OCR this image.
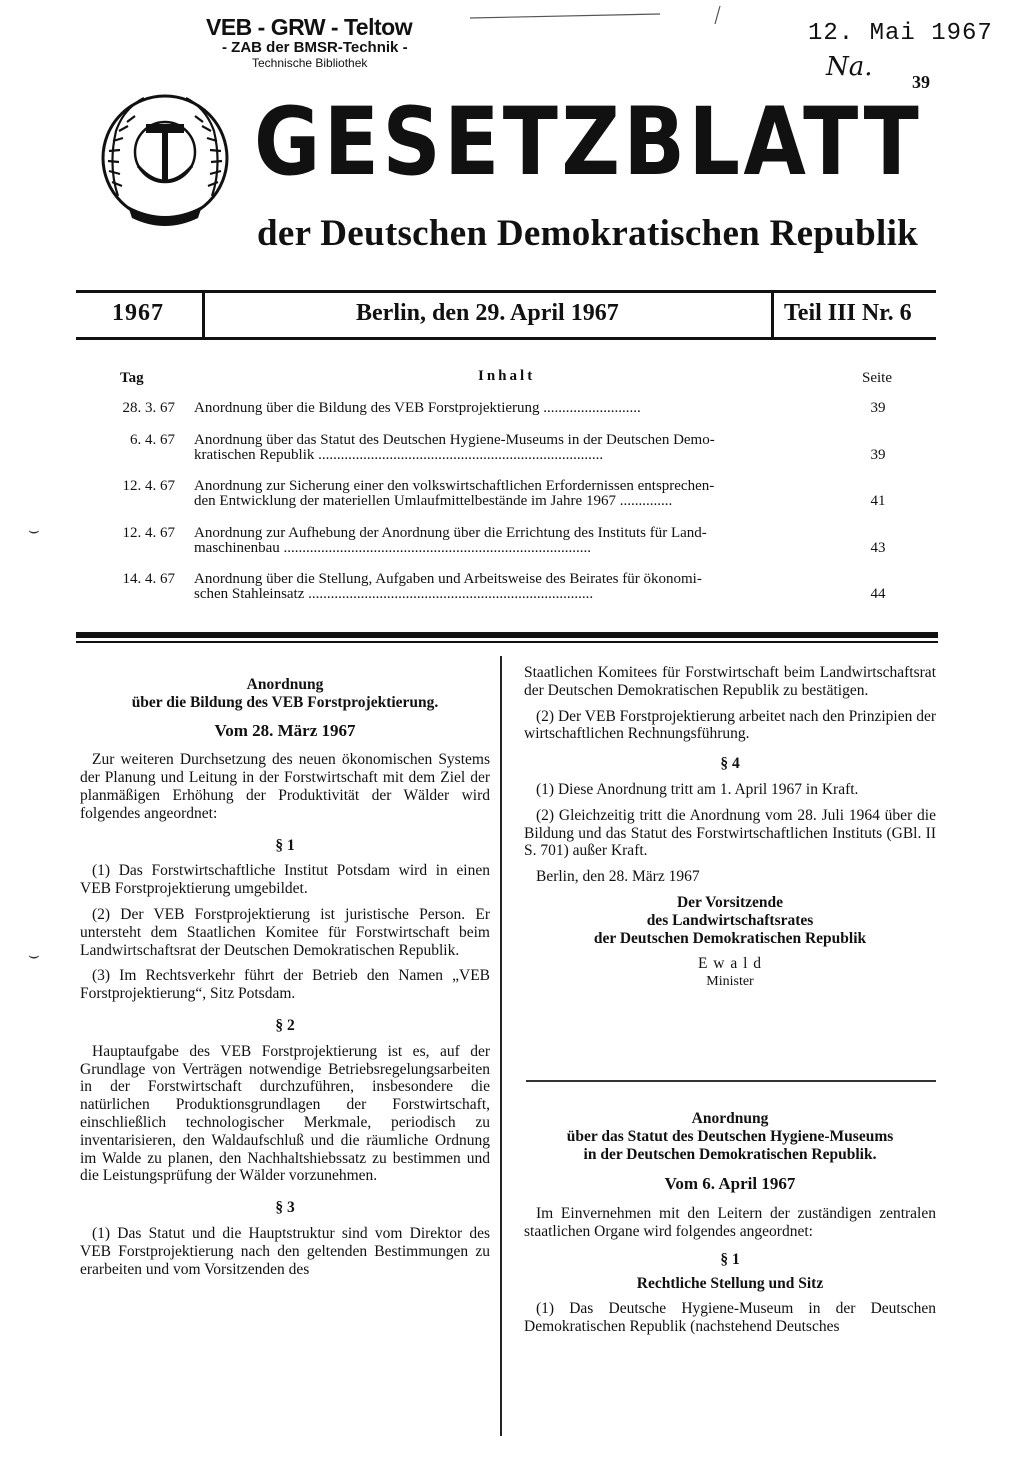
VEB - GRW - Teltow
- ZAB der BMSR-Technik -
Technische Bibliothek
12. Mai 1967
Na. 39
GESETZBLATT
der Deutschen Demokratischen Republik
1967	Berlin, den 29. April 1967	Teil III Nr. 6
Tag	Inhalt	Seite
28. 3. 67 Anordnung über die Bildung des VEB Forstprojektierung ..........................	39
6. 4. 67 Anordnung über das Statut des Deutschen Hygiene-Museums in der Deutschen Demo-
kratischen Republik ............................................................................	39
12. 4. 67 Anordnung zur Sicherung einer den volkswirtschaftlichen Erfordernissen entsprechen-
den Entwicklung der materiellen Umlaufmittelbestände im Jahre 1967 ..............	41
12. 4. 67 Anordnung zur Aufhebung der Anordnung über die Errichtung des Instituts für Land-
maschinenbau ..................................................................................	43
14. 4. 67 Anordnung über die Stellung, Aufgaben und Arbeitsweise des Beirates für ökonomi-
schen Stahleinsatz ............................................................................	44
⌣
⌣
Anordnung
über die Bildung des VEB Forstprojektierung.
Vom 28. März 1967

Zur weiteren Durchsetzung des neuen ökonomischen Systems der Planung und Leitung in der Forstwirtschaft mit dem Ziel der planmäßigen Erhöhung der Produktivität der Wälder wird folgendes angeordnet:

§ 1

(1) Das Forstwirtschaftliche Institut Potsdam wird in einen VEB Forstprojektierung umgebildet.

(2) Der VEB Forstprojektierung ist juristische Person. Er untersteht dem Staatlichen Komitee für Forstwirtschaft beim Landwirtschaftsrat der Deutschen Demokratischen Republik.

(3) Im Rechtsverkehr führt der Betrieb den Namen „VEB Forstprojektierung“, Sitz Potsdam.

§ 2

Hauptaufgabe des VEB Forstprojektierung ist es, auf der Grundlage von Verträgen notwendige Betriebsregelungsarbeiten in der Forstwirtschaft durchzuführen, insbesondere die natürlichen Produktionsgrundlagen der Forstwirtschaft, einschließlich technologischer Merkmale, periodisch zu inventarisieren, den Waldaufschluß und die räumliche Ordnung im Walde zu planen, den Nachhaltshiebssatz zu bestimmen und die Leistungsprüfung der Wälder vorzunehmen.

§ 3

(1) Das Statut und die Hauptstruktur sind vom Direktor des VEB Forstprojektierung nach den geltenden Bestimmungen zu erarbeiten und vom Vorsitzenden des

Staatlichen Komitees für Forstwirtschaft beim Landwirtschaftsrat der Deutschen Demokratischen Republik zu bestätigen.

(2) Der VEB Forstprojektierung arbeitet nach den Prinzipien der wirtschaftlichen Rechnungsführung.

§ 4

(1) Diese Anordnung tritt am 1. April 1967 in Kraft.

(2) Gleichzeitig tritt die Anordnung vom 28. Juli 1964 über die Bildung und das Statut des Forstwirtschaftlichen Instituts (GBl. II S. 701) außer Kraft.

Berlin, den 28. März 1967

Der Vorsitzende
des Landwirtschaftsrates
der Deutschen Demokratischen Republik
E w a l d
Minister
Anordnung
über das Statut des Deutschen Hygiene-Museums
in der Deutschen Demokratischen Republik.
Vom 6. April 1967

Im Einvernehmen mit den Leitern der zuständigen zentralen staatlichen Organe wird folgendes angeordnet:

§ 1
Rechtliche Stellung und Sitz

(1) Das Deutsche Hygiene-Museum in der Deutschen Demokratischen Republik (nachstehend Deutsches
